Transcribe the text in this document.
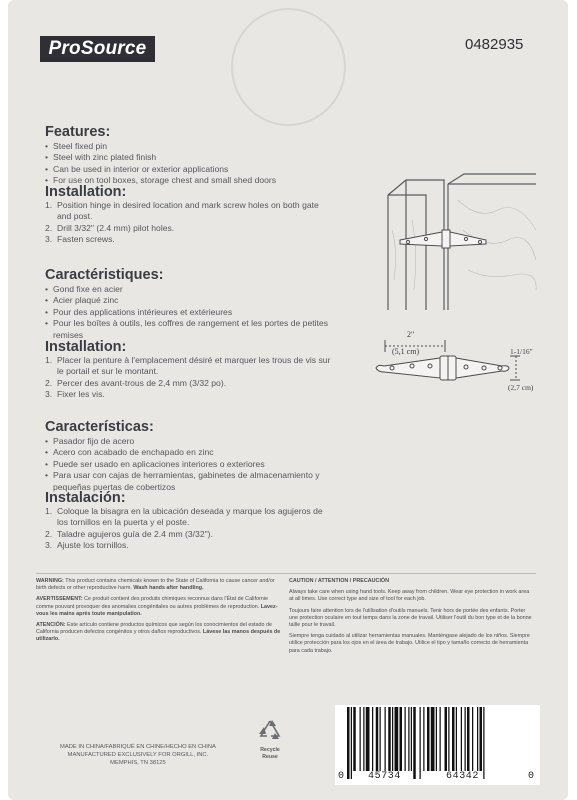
ProSource	0482935
Features:
• Steel fixed pin
• Steel with zinc plated finish
• Can be used in interior or exterior applications
• For use on tool boxes, storage chest and small shed doors
Installation:
1. Position hinge in desired location and mark screw holes on both gate and post.
2. Drill 3/32" (2.4 mm) pilot holes.
3. Fasten screws.
Caractéristiques:
• Gond fixe en acier
• Acier plaqué zinc
• Pour des applications intérieures et extérieures
• Pour les boîtes à outils, les coffres de rangement et les portes de petites remises
Installation:
1. Placer la penture à l'emplacement désiré et marquer les trous de vis sur le portail et sur le montant.
2. Percer des avant-trous de 2,4 mm (3/32 po).
3. Fixer les vis.
Características:
• Pasador fijo de acero
• Acero con acabado de enchapado en zinc
• Puede ser usado en aplicaciones interiores o exteriores
• Para usar con cajas de herramientas, gabinetes de almacenamiento y pequeñas puertas de cobertizos
Instalación:
1. Coloque la bisagra en la ubicación deseada y marque los agujeros de los tornillos en la puerta y el poste.
2. Taladre agujeros guía de 2.4 mm (3/32").
3. Ajuste los tornillos.
2"
(5,1 cm)	1-1/16"
(2,7 cm)

WARNING: This product contains chemicals known to the State of California to cause cancer and/or birth defects or other reproductive harm. Wash hands after handling.

AVERTISSEMENT: Ce produit contient des produits chimiques reconnus dans l'État de Californie comme pouvant provoquer des anomalies congénitales ou autres problèmes de reproduction. Lavez-vous les mains après toute manipulation.

ATENCIÓN: Este artículo contiene productos químicos que según los conocimientos del estado de California producen defectos congénitos y otros daños reproductivos. Lávese las manos después de utilizarlo.

CAUTION / ATTENTION / PRECAUCIÓN

Always take care when using hand tools. Keep away from children. Wear eye protection in work area at all times. Use correct type and size of tool for each job.

Toujours faire attention lors de l'utilisation d'outils manuels. Tenir hors de portée des enfants. Porter une protection oculaire en tout temps dans la zone de travail. Utiliser l'outil du bon type et de la bonne taille pour le travail.

Siempre tenga cuidado al utilizar herramientas manuales. Manténgase alejado de los niños. Siempre utilice protección para los ojos en el área de trabajo. Utilice el tipo y tamaño correcto de herramienta para cada trabajo.

MADE IN CHINA/FABRIQUÉ EN CHINE/HECHO EN CHINA
MANUFACTURED EXCLUSIVELY FOR ORGILL, INC.
MEMPHIS, TN 38125
Recycle
Reuse
0 45734	64342	0
